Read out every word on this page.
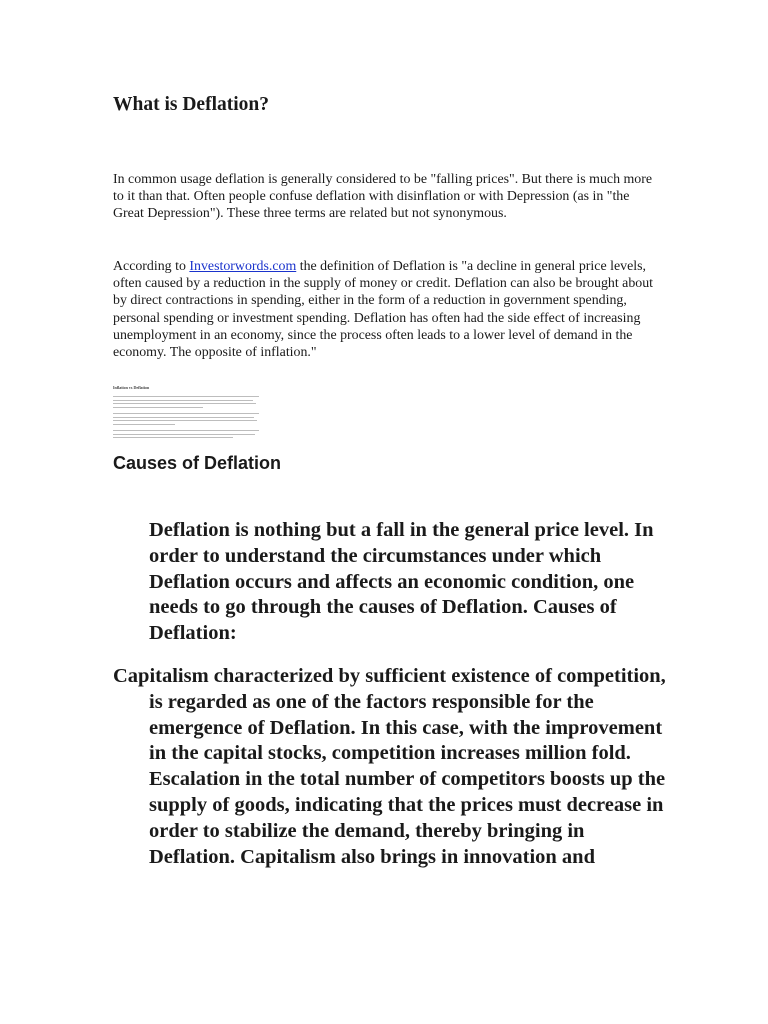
What is Deflation?

In common usage deflation is generally considered to be "falling prices". But there is much more to it than that. Often people confuse deflation with disinflation or with Depression (as in "the Great Depression"). These three terms are related but not synonymous.

According to Investorwords.com the definition of Deflation is "a decline in general price levels, often caused by a reduction in the supply of money or credit. Deflation can also be brought about by direct contractions in spending, either in the form of a reduction in government spending, personal spending or investment spending. Deflation has often had the side effect of increasing unemployment in an economy, since the process often leads to a lower level of demand in the economy. The opposite of inflation."

Inflation vs Deflation
Causes of Deflation

Deflation is nothing but a fall in the general price level. In order to understand the circumstances under which Deflation occurs and affects an economic condition, one needs to go through the causes of Deflation. Causes of Deflation:

Capitalism characterized by sufficient existence of competition, is regarded as one of the factors responsible for the emergence of Deflation. In this case, with the improvement in the capital stocks, competition increases million fold. Escalation in the total number of competitors boosts up the supply of goods, indicating that the prices must decrease in order to stabilize the demand, thereby bringing in Deflation. Capitalism also brings in innovation and
